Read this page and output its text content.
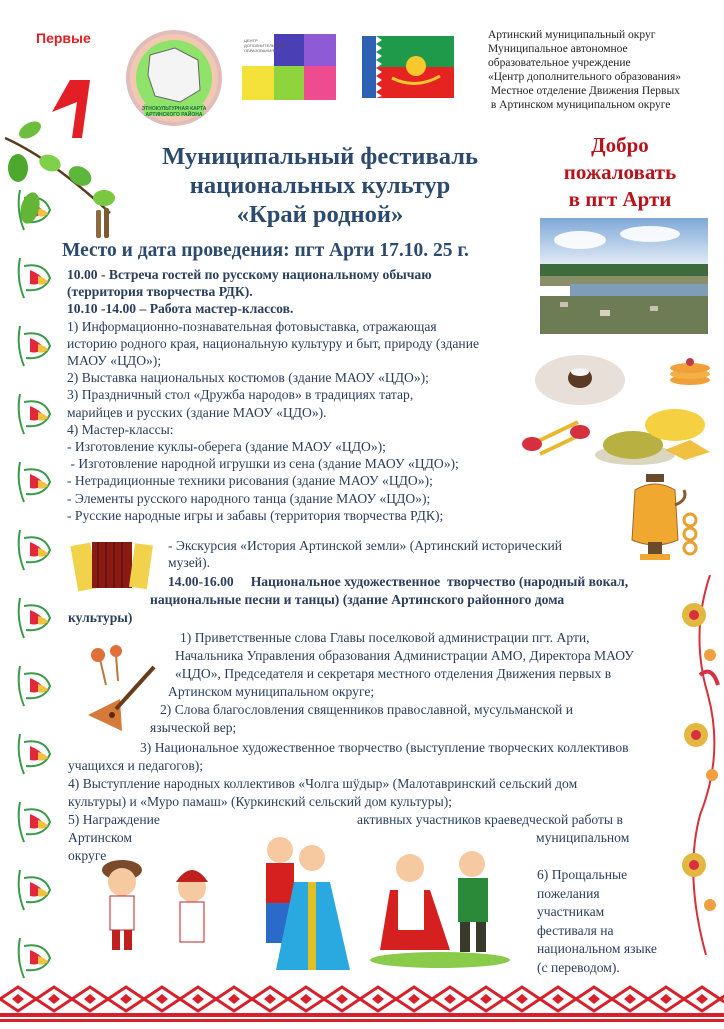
Первые
ЭТНОКУЛЬТУРНАЯ КАРТА
АРТИНСКОГО РАЙОНА
ЦЕНТР
ДОПОЛНИТЕЛЬНОГО
ОБРАЗОВАНИЯ
Артинский муниципальный округ
Муниципальное автономное
образовательное учреждение
«Центр дополнительного образования»
Местное отделение Движения Первых
в Артинском муниципальном округе
Муниципальный фестиваль
национальных культур
«Край родной»
Место и дата проведения: пгт Арти 17.10. 25 г.
Добро
пожаловать
в пгт Арти
10.00 - Встреча гостей по русскому национальному обычаю
(территория творчества РДК).
10.10 -14.00 – Работа мастер-классов.
1) Информационно-познавательная фотовыставка, отражающая
историю родного края, национальную культуру и быт, природу (здание
МАОУ «ЦДО»);
2) Выставка национальных костюмов (здание МАОУ «ЦДО»);
3) Праздничный стол «Дружба народов» в традициях татар,
марийцев и русских (здание МАОУ «ЦДО»).
4) Мастер-классы:
- Изготовление куклы-оберега (здание МАОУ «ЦДО»);
- Изготовление народной игрушки из сена (здание МАОУ «ЦДО»);
- Нетрадиционные техники рисования (здание МАОУ «ЦДО»);
- Элементы русского народного танца (здание МАОУ «ЦДО»);
- Русские народные игры и забавы (территория творчества РДК);
- Экскурсия «История Артинской земли» (Артинский исторический
музей).
14.00-16.00     Национальное художественное  творчество (народный вокал,
национальные песни и танцы) (здание Артинского районного дома
культуры)
1) Приветственные слова Главы поселковой администрации пгт. Арти,
Начальника Управления образования Администрации АМО, Директора МАОУ
«ЦДО», Председателя и секретаря местного отделения Движения первых в
Артинском муниципальном округе;
2) Слова благословления священников православной, мусульманской и
языческой вер;
3) Национальное художественное творчество (выступление творческих коллективов
учащихся и педагогов);
4) Выступление народных коллективов «Чолга шӱдыр» (Малотавринский сельский дом
культуры) и «Муро памаш» (Куркинский сельский дом культуры);
5) Награждение	активных участников краеведческой работы в
Артинском	муниципальном
округе
6) Прощальные
пожелания
участникам
фестиваля на
национальном языке
(с переводом).
